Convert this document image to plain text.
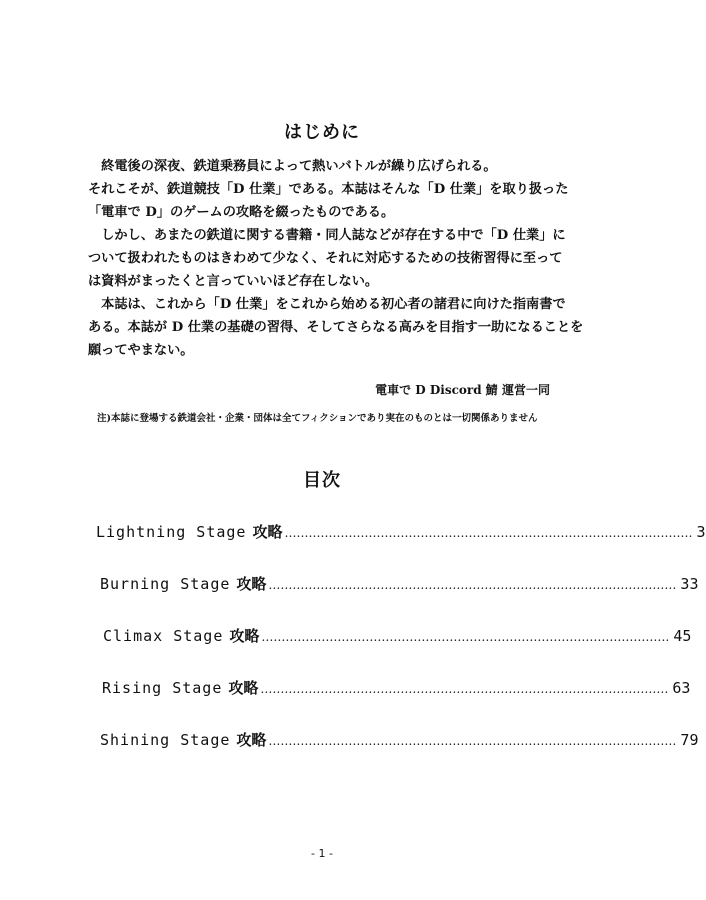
はじめに
　終電後の深夜、鉄道乗務員によって熱いバトルが繰り広げられる。
それこそが、鉄道競技「D 仕業」である。本誌はそんな「D 仕業」を取り扱った
「電車で D」のゲームの攻略を綴ったものである。
　しかし、あまたの鉄道に関する書籍・同人誌などが存在する中で「D 仕業」に
ついて扱われたものはきわめて少なく、それに対応するための技術習得に至って
は資料がまったくと言っていいほど存在しない。
　本誌は、これから「D 仕業」をこれから始める初心者の諸君に向けた指南書で
ある。本誌が D 仕業の基礎の習得、そしてさらなる高みを目指す一助になることを
願ってやまない。
電車で D Discord 鯖 運営一同
注)本誌に登場する鉄道会社・企業・団体は全てフィクションであり実在のものとは一切関係ありません
目次
Lightning Stage 攻略 ………………………………………………………………………………………… 3
Burning Stage 攻略 ………………………………………………………………………………………… 33
Climax Stage 攻略 ………………………………………………………………………………………… 45
Rising Stage 攻略 ………………………………………………………………………………………… 63
Shining Stage 攻略 ………………………………………………………………………………………… 79
- 1 -
